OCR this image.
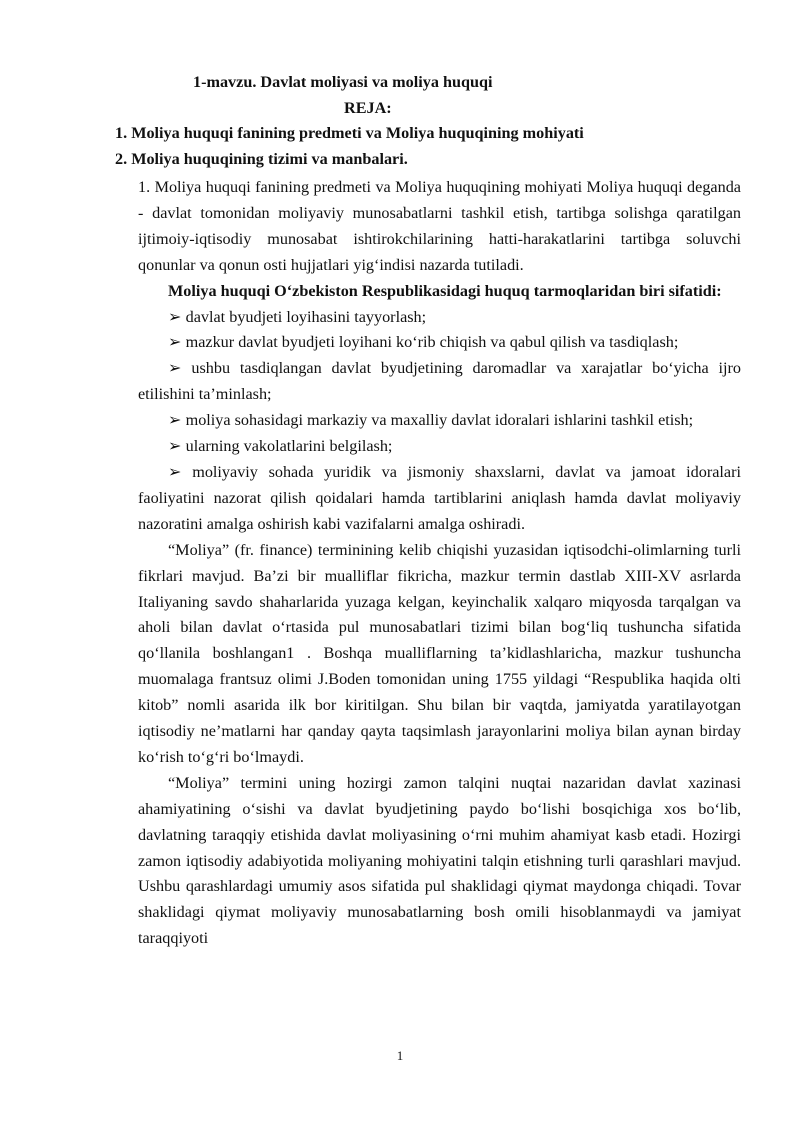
1-mavzu. Davlat moliyasi va moliya huquqi
REJA:
1. Moliya huquqi fanining predmeti va Moliya huquqining mohiyati
2. Moliya huquqining tizimi va manbalari.

1. Moliya huquqi fanining predmeti va Moliya huquqining mohiyati Moliya huquqi deganda - davlat tomonidan moliyaviy munosabatlarni tashkil etish, tartibga solishga qaratilgan ijtimoiy-iqtisodiy munosabat ishtirokchilarining hatti-harakatlarini tartibga soluvchi qonunlar va qonun osti hujjatlari yig‘indisi nazarda tutiladi.

Moliya huquqi O‘zbekiston Respublikasidagi huquq tarmoqlaridan biri sifatidi:

➢ davlat byudjeti loyihasini tayyorlash;

➢ mazkur davlat byudjeti loyihani ko‘rib chiqish va qabul qilish va tasdiqlash;

➢ ushbu tasdiqlangan davlat byudjetining daromadlar va xarajatlar bo‘yicha ijro etilishini ta’minlash;

➢ moliya sohasidagi markaziy va maxalliy davlat idoralari ishlarini tashkil etish;

➢ ularning vakolatlarini belgilash;

➢ moliyaviy sohada yuridik va jismoniy shaxslarni, davlat va jamoat idoralari faoliyatini nazorat qilish qoidalari hamda tartiblarini aniqlash hamda davlat moliyaviy nazoratini amalga oshirish kabi vazifalarni amalga oshiradi.

“Moliya” (fr. finance) terminining kelib chiqishi yuzasidan iqtisodchi-olimlarning turli fikrlari mavjud. Ba’zi bir mualliflar fikricha, mazkur termin dastlab XIII-XV asrlarda Italiyaning savdo shaharlarida yuzaga kelgan, keyinchalik xalqaro miqyosda tarqalgan va aholi bilan davlat o‘rtasida pul munosabatlari tizimi bilan bog‘liq tushuncha sifatida qo‘llanila boshlangan1 . Boshqa mualliflarning ta’kidlashlaricha, mazkur tushuncha muomalaga frantsuz olimi J.Boden tomonidan uning 1755 yildagi “Respublika haqida olti kitob” nomli asarida ilk bor kiritilgan. Shu bilan bir vaqtda, jamiyatda yaratilayotgan iqtisodiy ne’matlarni har qanday qayta taqsimlash jarayonlarini moliya bilan aynan birday ko‘rish to‘g‘ri bo‘lmaydi.

“Moliya” termini uning hozirgi zamon talqini nuqtai nazaridan davlat xazinasi ahamiyatining o‘sishi va davlat byudjetining paydo bo‘lishi bosqichiga xos bo‘lib, davlatning taraqqiy etishida davlat moliyasining o‘rni muhim ahamiyat kasb etadi. Hozirgi zamon iqtisodiy adabiyotida moliyaning mohiyatini talqin etishning turli qarashlari mavjud. Ushbu qarashlardagi umumiy asos sifatida pul shaklidagi qiymat maydonga chiqadi. Tovar shaklidagi qiymat moliyaviy munosabatlarning bosh omili hisoblanmaydi va jamiyat taraqqiyoti

1
